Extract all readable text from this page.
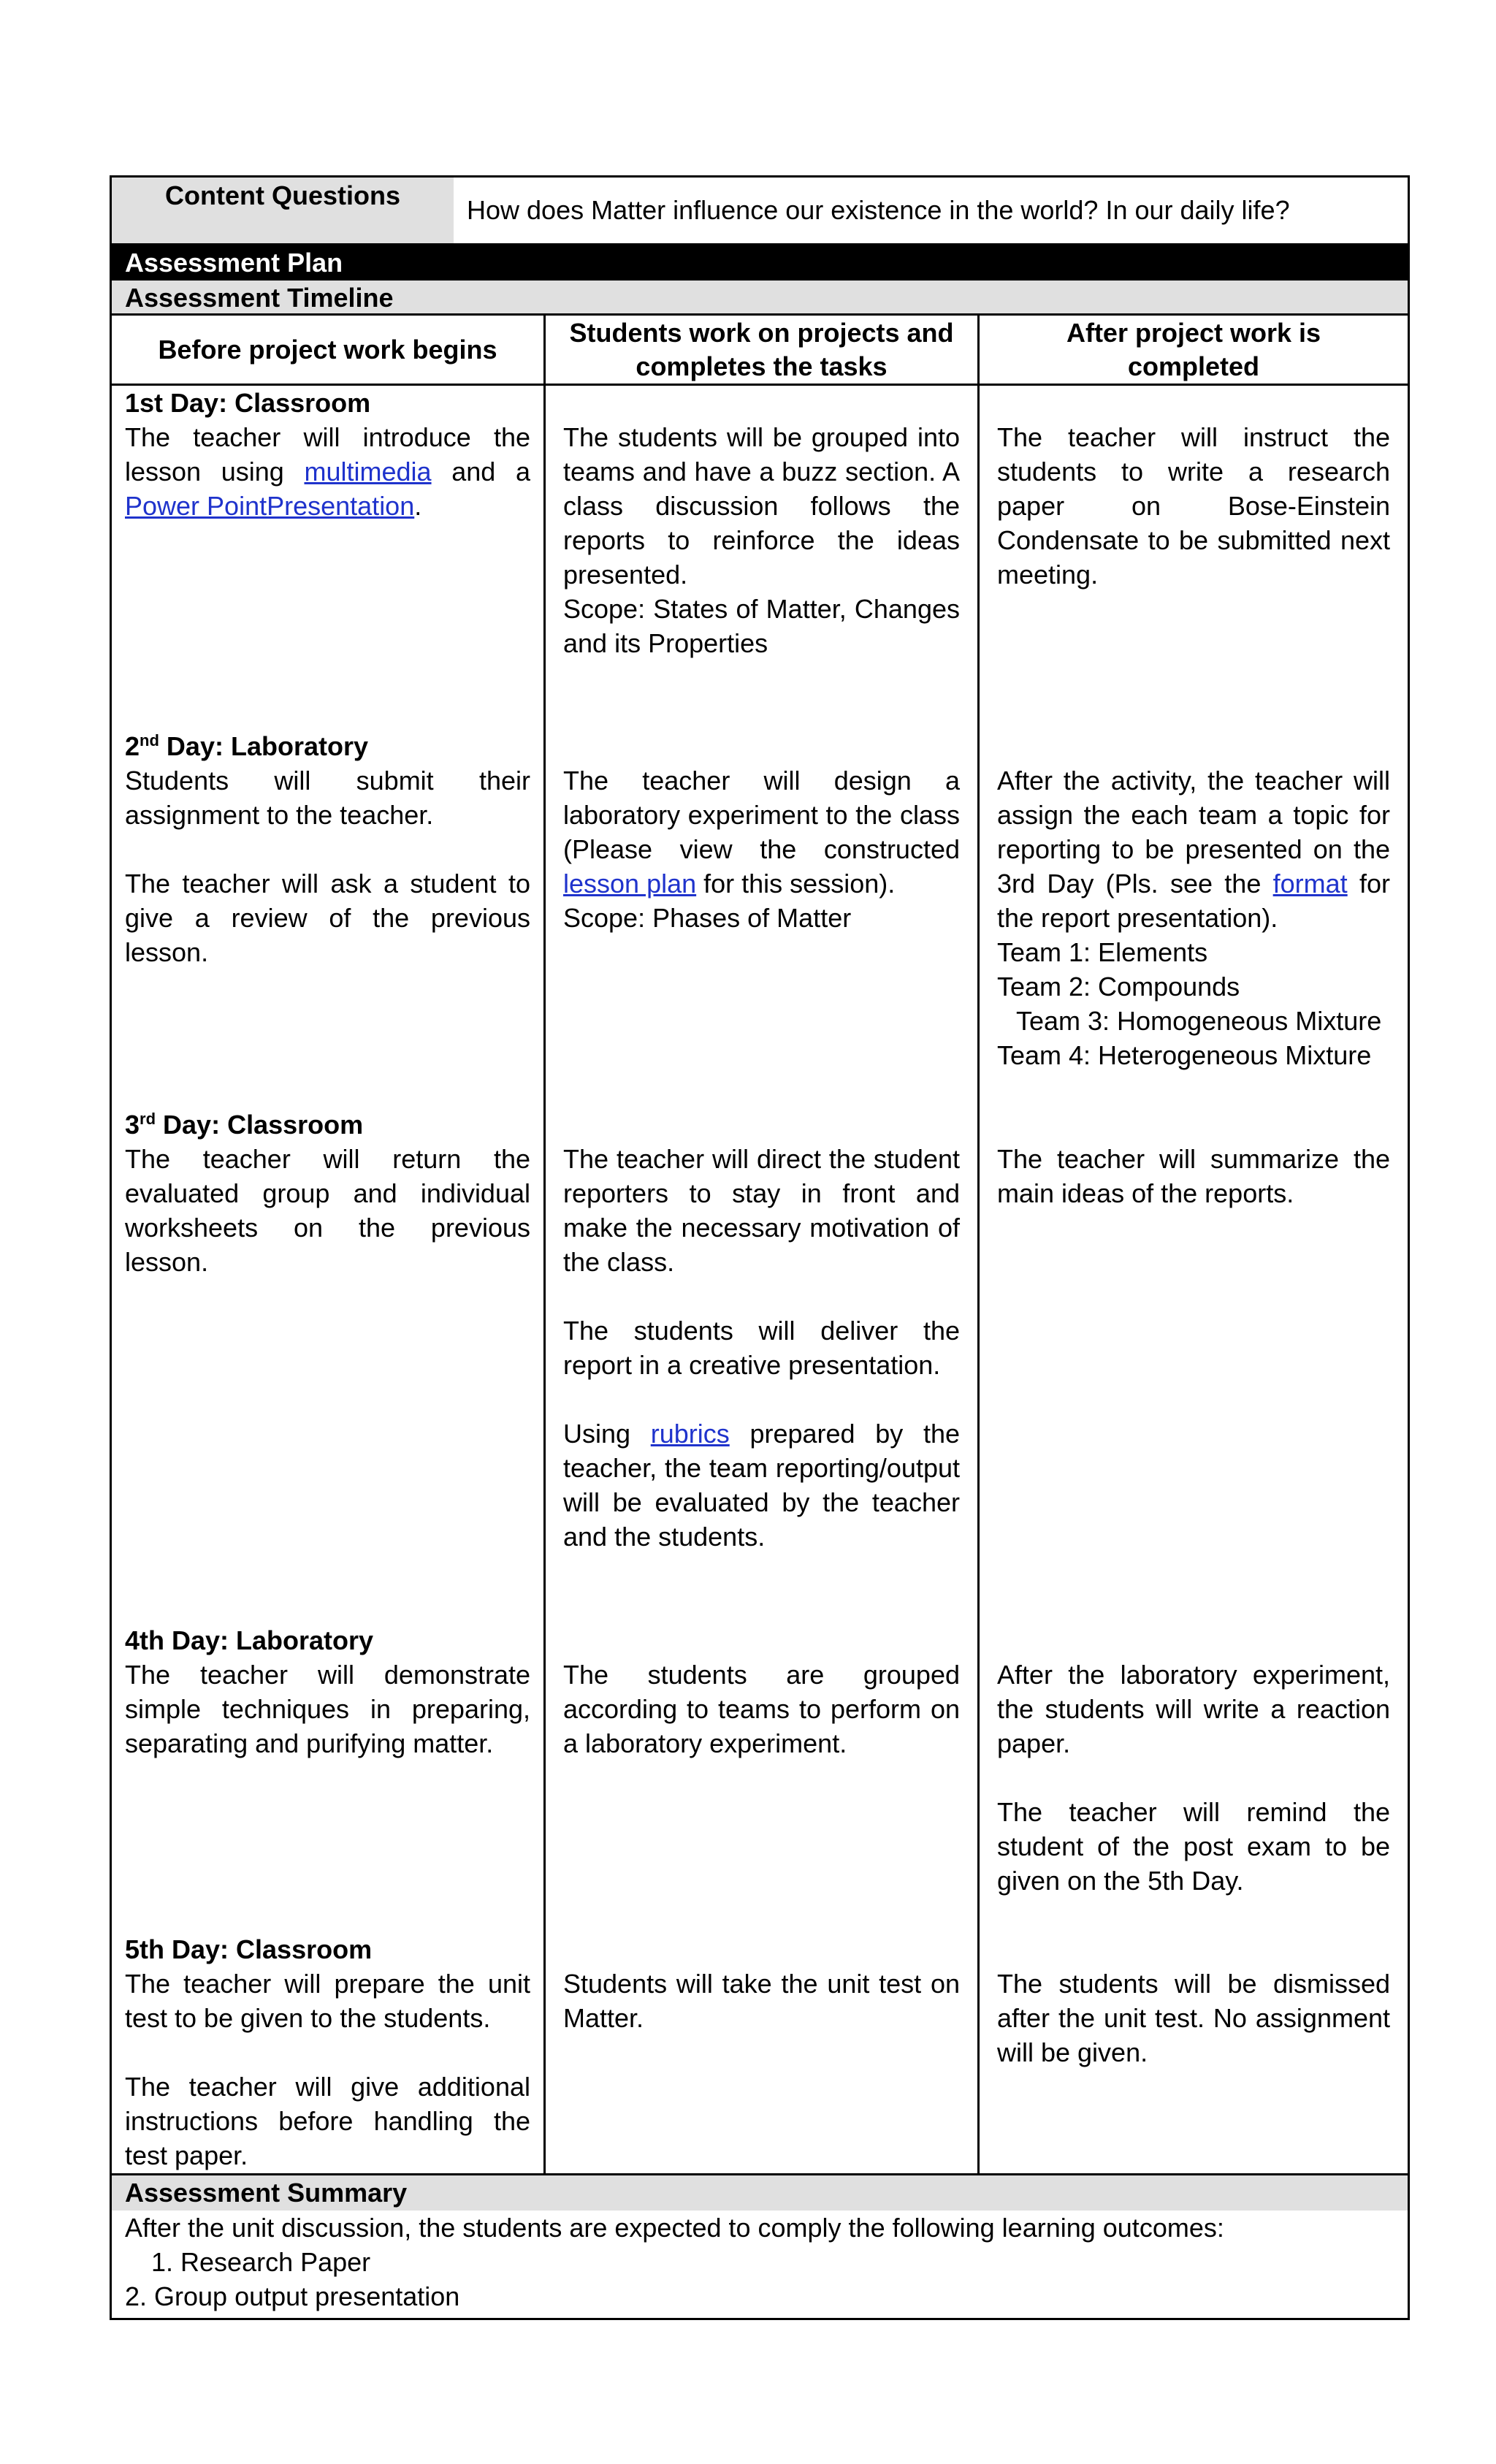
Content Questions	How does Matter influence our existence in the world? In our daily life?
Assessment Plan
Assessment Timeline
Before project work begins
Students work on projects and completes the tasks
After project work is completed
1st Day: Classroom
The teacher will introduce the lesson using multimedia and a Power PointPresentation.
2nd Day: Laboratory
Students will submit their assignment to the teacher.
The teacher will ask a student to give a review of the previous lesson.
3rd Day: Classroom
The teacher will return the evaluated group and individual worksheets on the previous lesson.
4th Day: Laboratory
The teacher will demonstrate simple techniques in preparing, separating and purifying matter.
5th Day: Classroom
The teacher will prepare the unit test to be given to the students.
The teacher will give additional instructions before handling the test paper.
The students will be grouped into teams and have a buzz section. A class discussion follows the reports to reinforce the ideas presented.
Scope: States of Matter, Changes and its Properties
The teacher will design a laboratory experiment to the class (Please view the constructed lesson plan for this session).
Scope: Phases of Matter
The teacher will direct the student reporters to stay in front and make the necessary motivation of the class.
The students will deliver the report in a creative presentation.
Using rubrics prepared by the teacher, the team reporting/output will be evaluated by the teacher and the students.
The students are grouped according to teams to perform on a laboratory experiment.
Students will take the unit test on Matter.
The teacher will instruct the students to write a research paper on Bose-Einstein Condensate to be submitted next meeting.
After the activity, the teacher will assign the each team a topic for reporting to be presented on the 3rd Day (Pls. see the format for the report presentation).
Team 1: Elements
Team 2: Compounds
Team 3: Homogeneous Mixture
Team 4: Heterogeneous Mixture
The teacher will summarize the main ideas of the reports.
After the laboratory experiment, the students will write a reaction paper.
The teacher will remind the student of the post exam to be given on the 5th Day.
The students will be dismissed after the unit test. No assignment will be given.
Assessment Summary
After the unit discussion, the students are expected to comply the following learning outcomes:
1. Research Paper
2. Group output presentation
